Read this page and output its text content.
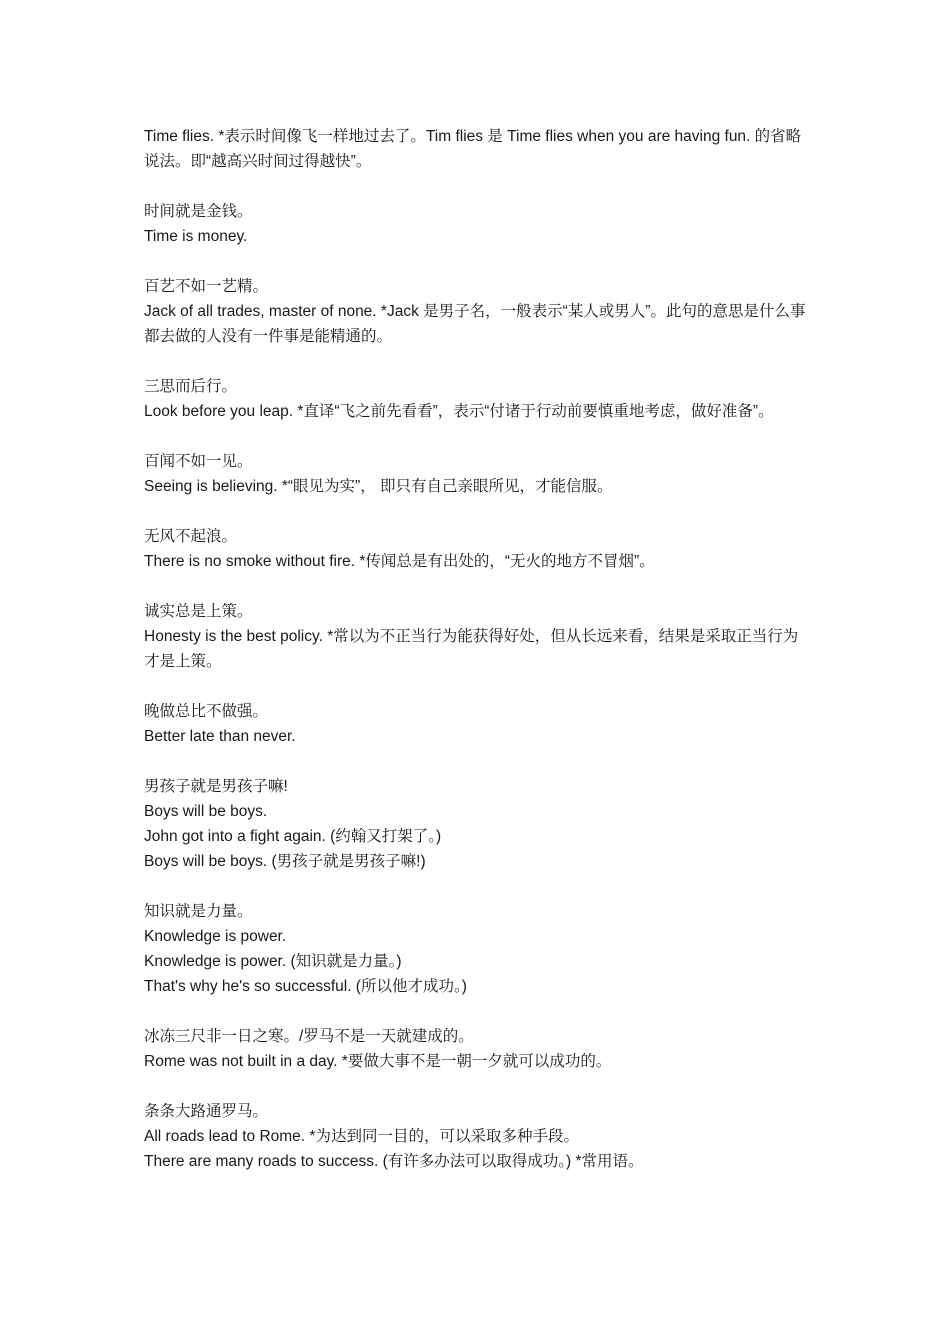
Time flies. *表示时间像飞一样地过去了。Tim flies 是 Time flies when you are having fun. 的省略说法。即“越高兴时间过得越快”。

时间就是金钱。

Time is money.

百艺不如一艺精。

Jack of all trades, master of none. *Jack 是男子名，一般表示“某人或男人”。此句的意思是什么事都去做的人没有一件事是能精通的。

三思而后行。

Look before you leap. *直译“飞之前先看看”，表示“付诸于行动前要慎重地考虑，做好准备”。

百闻不如一见。

Seeing is believing. *“眼见为实”， 即只有自己亲眼所见，才能信服。

无风不起浪。

There is no smoke without fire. *传闻总是有出处的，“无火的地方不冒烟”。

诚实总是上策。

Honesty is the best policy. *常以为不正当行为能获得好处，但从长远来看，结果是采取正当行为才是上策。

晚做总比不做强。

Better late than never.

男孩子就是男孩子嘛!

Boys will be boys.

John got into a fight again. (约翰又打架了。)

Boys will be boys. (男孩子就是男孩子嘛!)

知识就是力量。

Knowledge is power.

Knowledge is power. (知识就是力量。)

That's why he's so successful. (所以他才成功。)

冰冻三尺非一日之寒。/罗马不是一天就建成的。

Rome was not built in a day. *要做大事不是一朝一夕就可以成功的。

条条大路通罗马。

All roads lead to Rome. *为达到同一目的，可以采取多种手段。

There are many roads to success. (有许多办法可以取得成功。) *常用语。
